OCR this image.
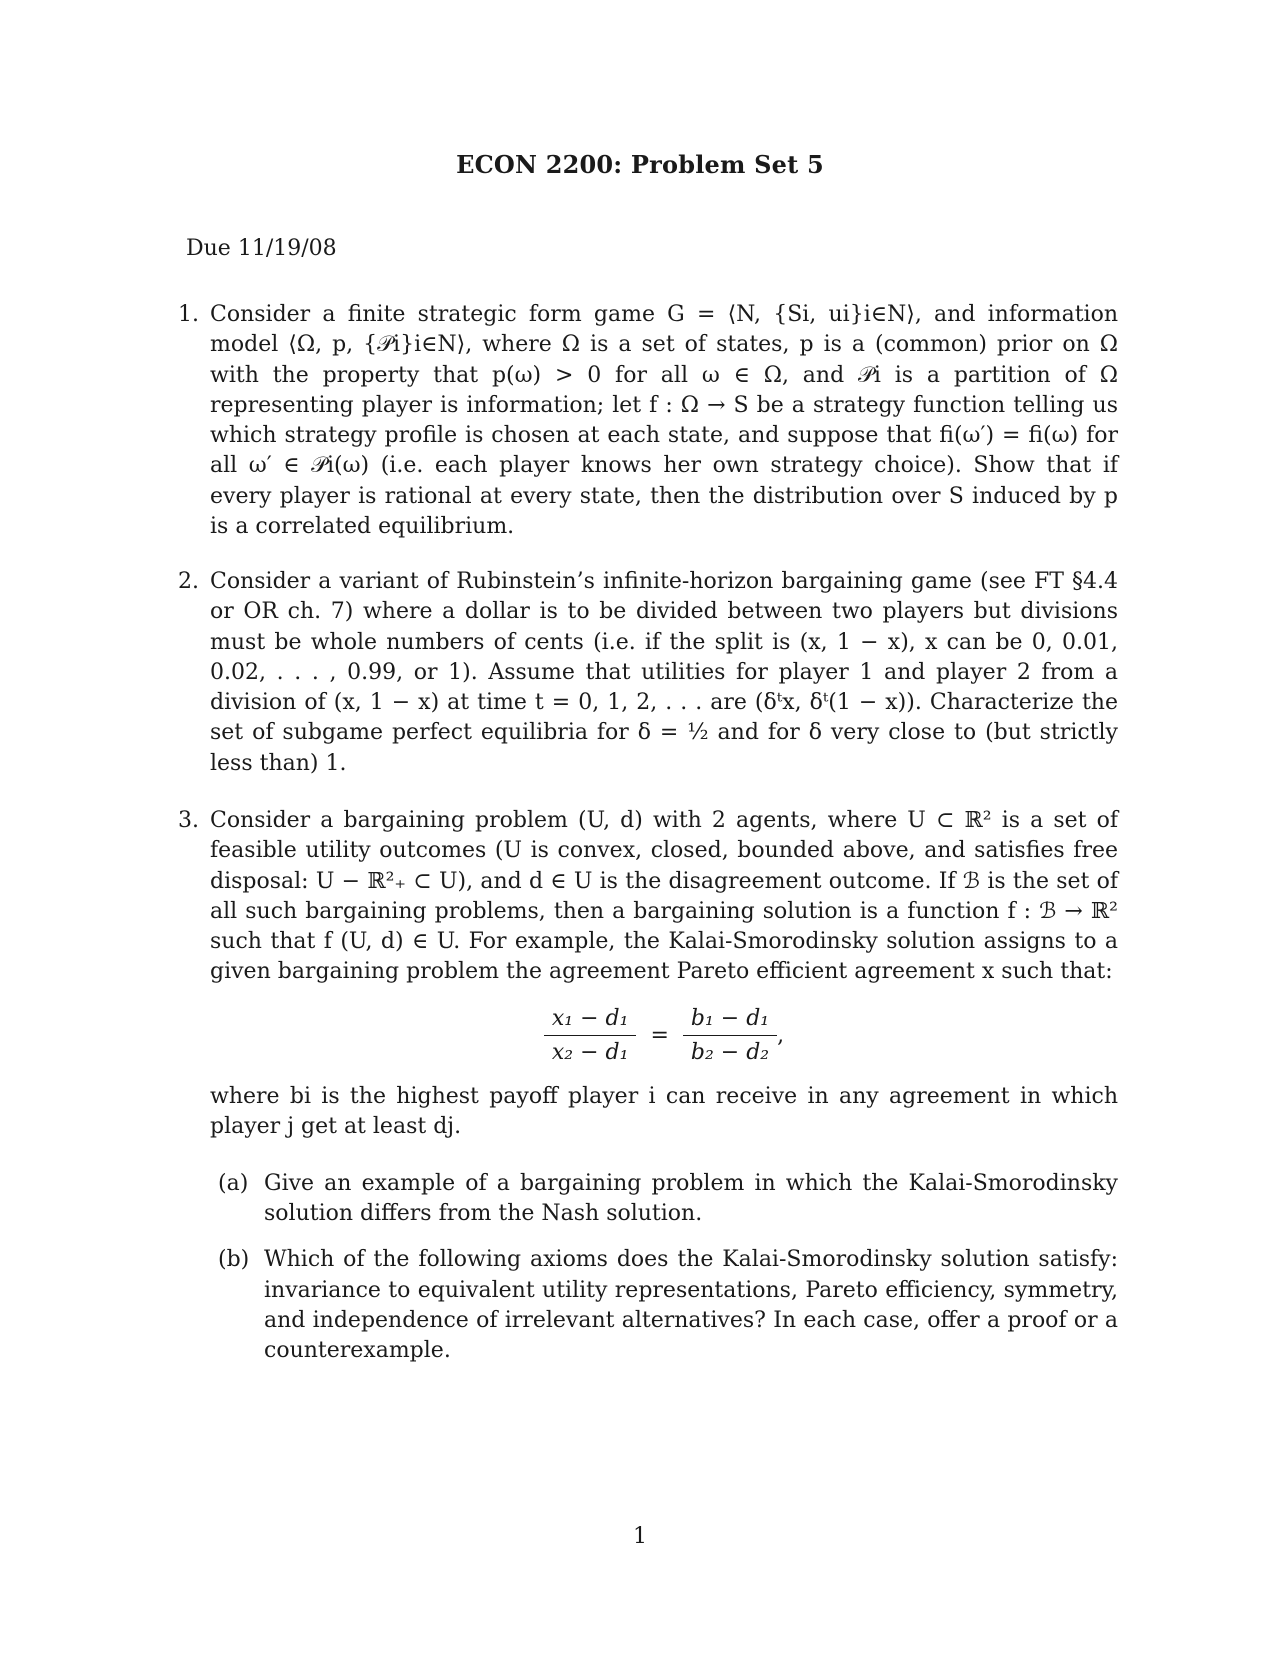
ECON 2200: Problem Set 5
Due 11/19/08
1. Consider a finite strategic form game G = ⟨N, {Si, ui}i∈N⟩, and information model ⟨Ω, p, {𝒫i}i∈N⟩, where Ω is a set of states, p is a (common) prior on Ω with the property that p(ω) > 0 for all ω ∈ Ω, and 𝒫i is a partition of Ω representing player is information; let f : Ω → S be a strategy function telling us which strategy profile is chosen at each state, and suppose that fi(ω′) = fi(ω) for all ω′ ∈ 𝒫i(ω) (i.e. each player knows her own strategy choice). Show that if every player is rational at every state, then the distribution over S induced by p is a correlated equilibrium.
2. Consider a variant of Rubinstein’s infinite-horizon bargaining game (see FT §4.4 or OR ch. 7) where a dollar is to be divided between two players but divisions must be whole numbers of cents (i.e. if the split is (x, 1 − x), x can be 0, 0.01, 0.02, . . . , 0.99, or 1). Assume that utilities for player 1 and player 2 from a division of (x, 1 − x) at time t = 0, 1, 2, . . . are (δᵗx, δᵗ(1 − x)). Characterize the set of subgame perfect equilibria for δ = ½ and for δ very close to (but strictly less than) 1.
3. Consider a bargaining problem (U, d) with 2 agents, where U ⊂ ℝ² is a set of feasible utility outcomes (U is convex, closed, bounded above, and satisfies free disposal: U − ℝ²₊ ⊂ U), and d ∈ U is the disagreement outcome. If ℬ is the set of all such bargaining problems, then a bargaining solution is a function f : ℬ → ℝ² such that f (U, d) ∈ U. For example, the Kalai-Smorodinsky solution assigns to a given bargaining problem the agreement Pareto efficient agreement x such that:
$\frac{\text{x₁ − d₁}}{\text{x₂ − d₁}} = \frac{\text{b₁ − d₁}}{\text{b₂ − d₂}}$ ,
where bi is the highest payoff player i can receive in any agreement in which player j get at least dj.
(a) Give an example of a bargaining problem in which the Kalai-Smorodinsky solution differs from the Nash solution.
(b) Which of the following axioms does the Kalai-Smorodinsky solution satisfy: invariance to equivalent utility representations, Pareto efficiency, symmetry, and independence of irrelevant alternatives? In each case, offer a proof or a counterexample.
1
